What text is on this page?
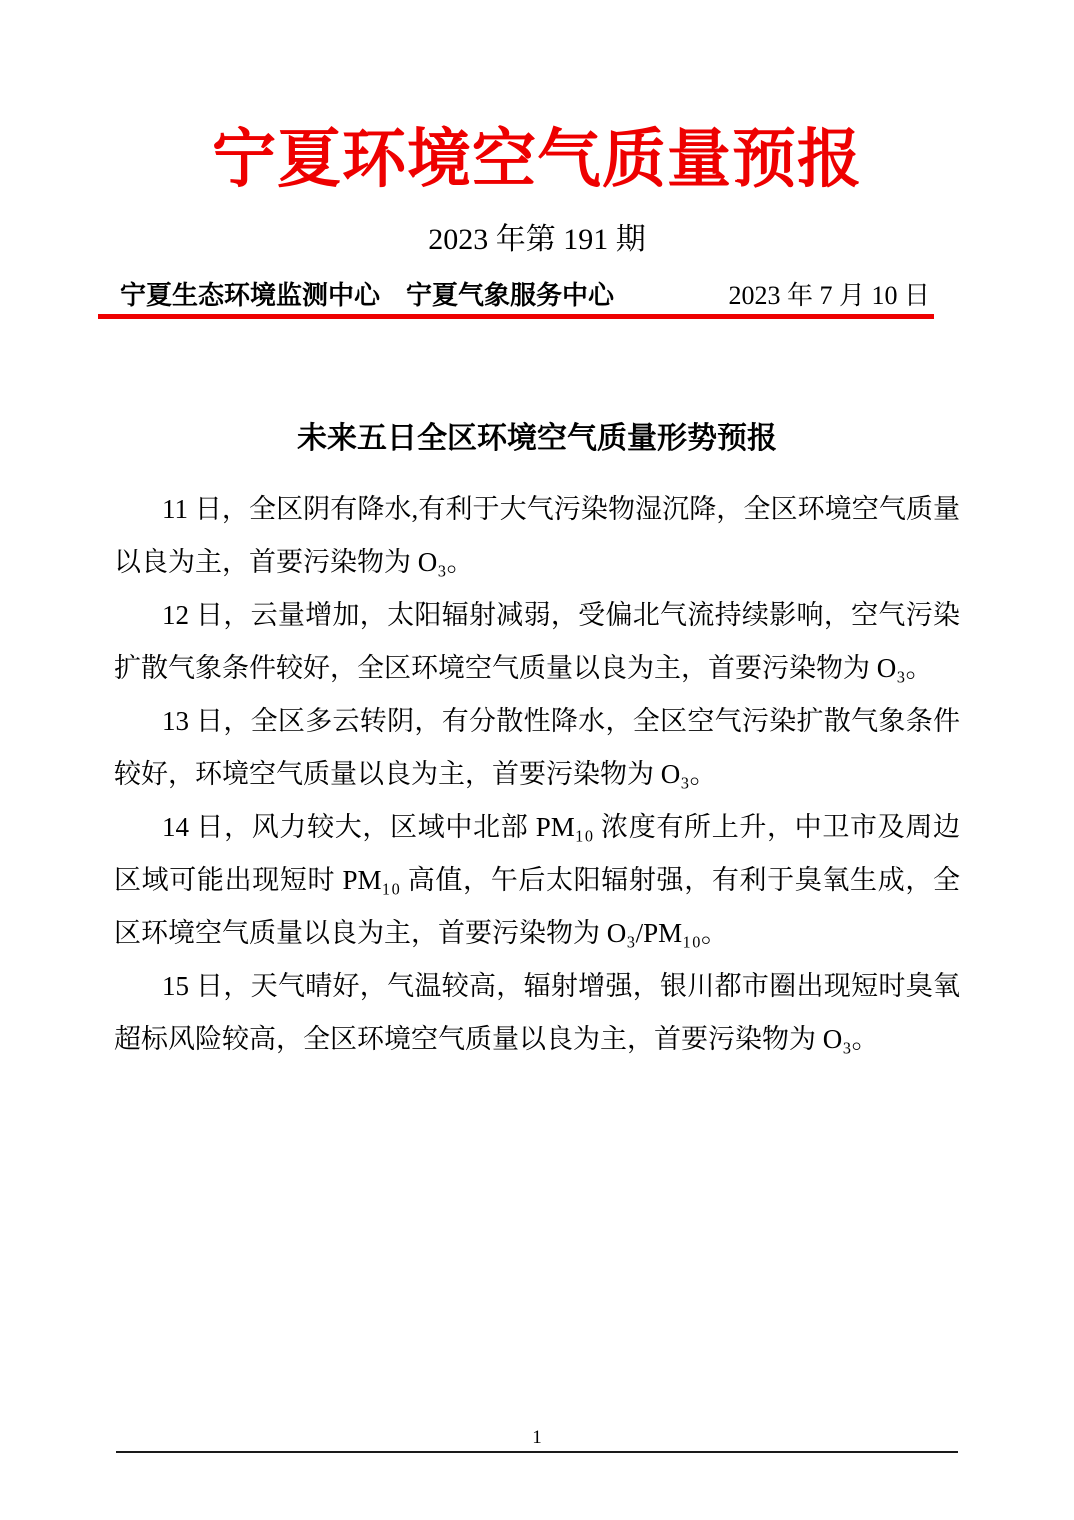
宁夏环境空气质量预报
2023 年第 191 期
宁夏生态环境监测中心　宁夏气象服务中心	2023 年 7 月 10 日
未来五日全区环境空气质量形势预报

11 日，全区阴有降水,有利于大气污染物湿沉降，全区环境空气质量以良为主，首要污染物为 O₃。

12 日，云量增加，太阳辐射减弱，受偏北气流持续影响，空气污染扩散气象条件较好，全区环境空气质量以良为主，首要污染物为 O₃。

13 日，全区多云转阴，有分散性降水，全区空气污染扩散气象条件较好，环境空气质量以良为主，首要污染物为 O₃。

14 日，风力较大，区域中北部 PM₁₀ 浓度有所上升，中卫市及周边区域可能出现短时 PM₁₀ 高值，午后太阳辐射强，有利于臭氧生成，全区环境空气质量以良为主，首要污染物为 O₃/PM₁₀。

15 日，天气晴好，气温较高，辐射增强，银川都市圈出现短时臭氧超标风险较高，全区环境空气质量以良为主，首要污染物为 O₃。

1
